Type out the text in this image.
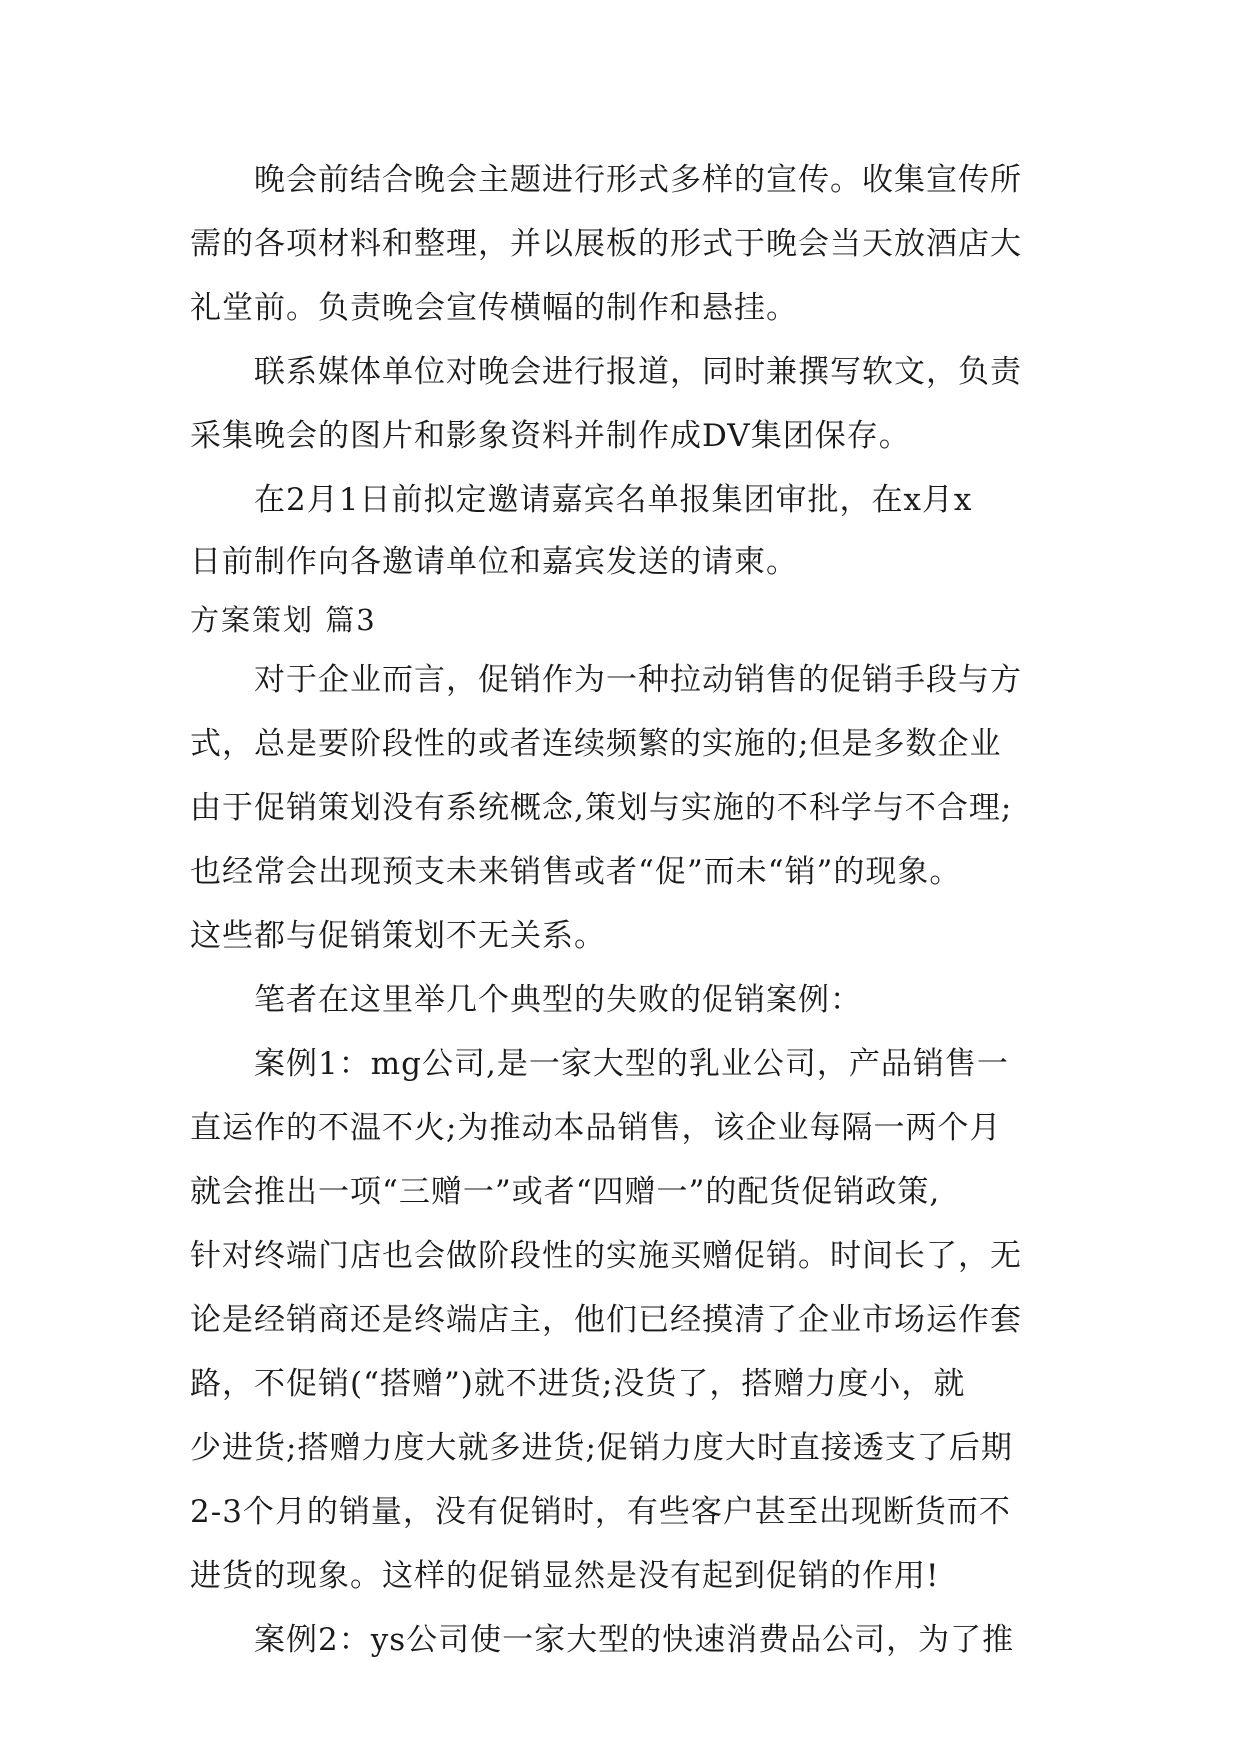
晚会前结合晚会主题进行形式多样的宣传。收集宣传所
需的各项材料和整理，并以展板的形式于晚会当天放酒店大
礼堂前。负责晚会宣传横幅的制作和悬挂。
联系媒体单位对晚会进行报道，同时兼撰写软文，负责
采集晚会的图片和影象资料并制作成DV集团保存。
在2月1日前拟定邀请嘉宾名单报集团审批，在x月x
日前制作向各邀请单位和嘉宾发送的请柬。
方案策划 篇3
对于企业而言，促销作为一种拉动销售的促销手段与方
式，总是要阶段性的或者连续频繁的实施的;但是多数企业
由于促销策划没有系统概念,策划与实施的不科学与不合理;
也经常会出现预支未来销售或者“促”而未“销”的现象。
这些都与促销策划不无关系。
笔者在这里举几个典型的失败的促销案例：
案例1：mg公司,是一家大型的乳业公司，产品销售一
直运作的不温不火;为推动本品销售，该企业每隔一两个月
就会推出一项“三赠一”或者“四赠一”的配货促销政策,
针对终端门店也会做阶段性的实施买赠促销。时间长了，无
论是经销商还是终端店主，他们已经摸清了企业市场运作套
路，不促销(“搭赠”)就不进货;没货了，搭赠力度小，就
少进货;搭赠力度大就多进货;促销力度大时直接透支了后期
2-3个月的销量，没有促销时，有些客户甚至出现断货而不
进货的现象。这样的促销显然是没有起到促销的作用!
案例2：ys公司使一家大型的快速消费品公司，为了推
